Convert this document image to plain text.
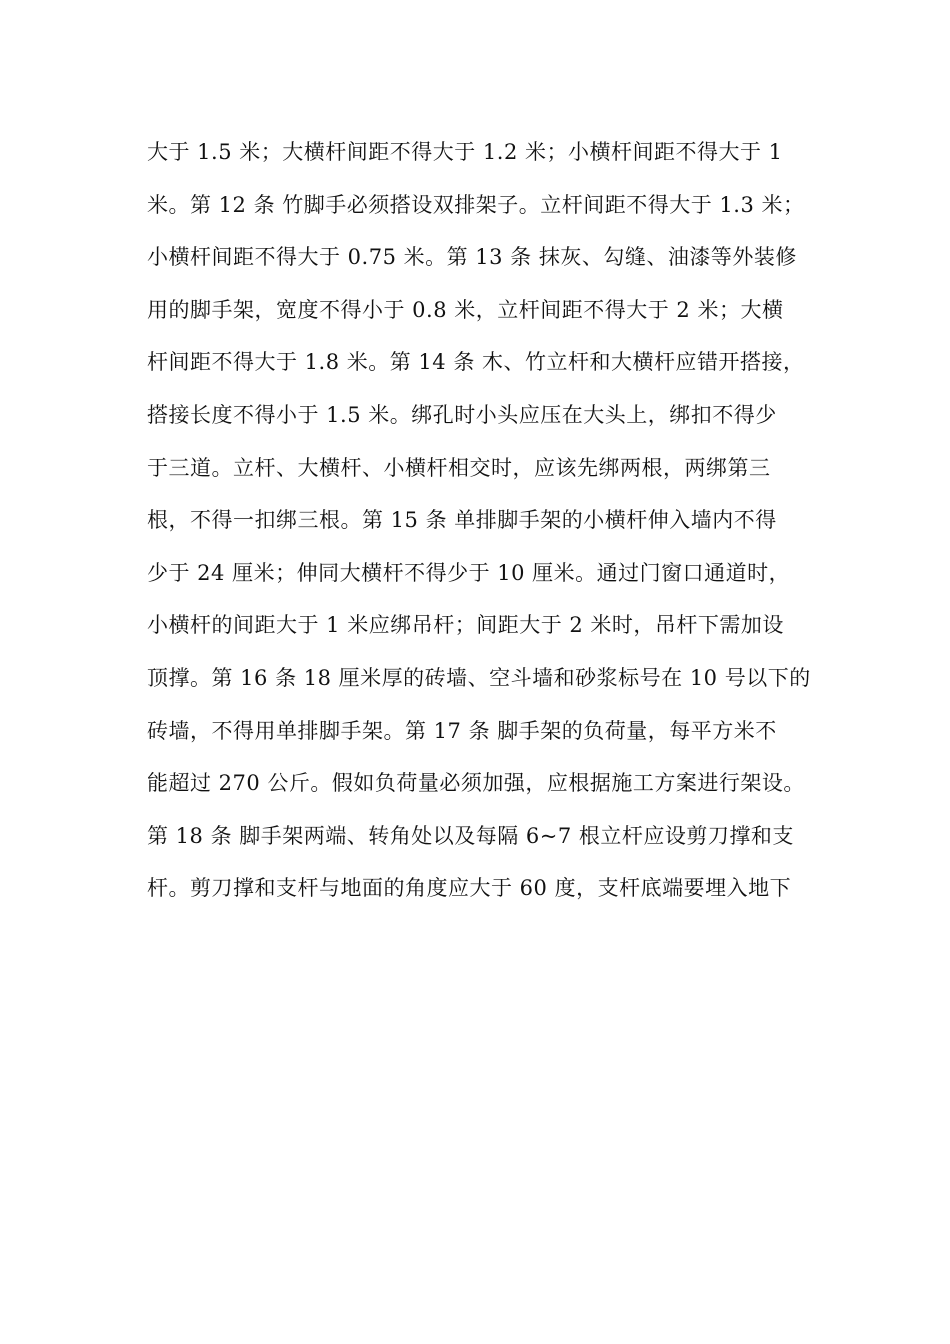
大于 1.5 米；大横杆间距不得大于 1.2 米；小横杆间距不得大于 1
米。第 12 条 竹脚手必须搭设双排架子。立杆间距不得大于 1.3 米；
小横杆间距不得大于 0.75 米。第 13 条 抹灰、勾缝、油漆等外装修
用的脚手架，宽度不得小于 0.8 米，立杆间距不得大于 2 米；大横
杆间距不得大于 1.8 米。第 14 条 木、竹立杆和大横杆应错开搭接，
搭接长度不得小于 1.5 米。绑孔时小头应压在大头上，绑扣不得少
于三道。立杆、大横杆、小横杆相交时，应该先绑两根，两绑第三
根，不得一扣绑三根。第 15 条 单排脚手架的小横杆伸入墙内不得
少于 24 厘米；伸同大横杆不得少于 10 厘米。通过门窗口通道时，
小横杆的间距大于 1 米应绑吊杆；间距大于 2 米时，吊杆下需加设
顶撑。第 16 条 18 厘米厚的砖墙、空斗墙和砂浆标号在 10 号以下的
砖墙，不得用单排脚手架。第 17 条 脚手架的负荷量，每平方米不
能超过 270 公斤。假如负荷量必须加强，应根据施工方案进行架设。
第 18 条 脚手架两端、转角处以及每隔 6~7 根立杆应设剪刀撑和支
杆。剪刀撑和支杆与地面的角度应大于 60 度，支杆底端要埋入地下
